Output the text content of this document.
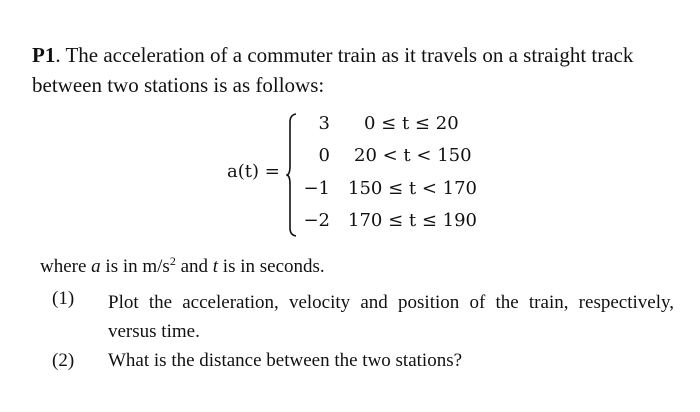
P1. The acceleration of a commuter train as it travels on a straight track between two stations is as follows:
a(t) =
3 0 ≤ t ≤ 20
0 20 < t < 150
−1 150 ≤ t < 170
−2 170 ≤ t ≤ 190
where a is in $m/s^2$ and t is in seconds.
(1) Plot the acceleration, velocity and position of the train, respectively, versus time.
(2) What is the distance between the two stations?
